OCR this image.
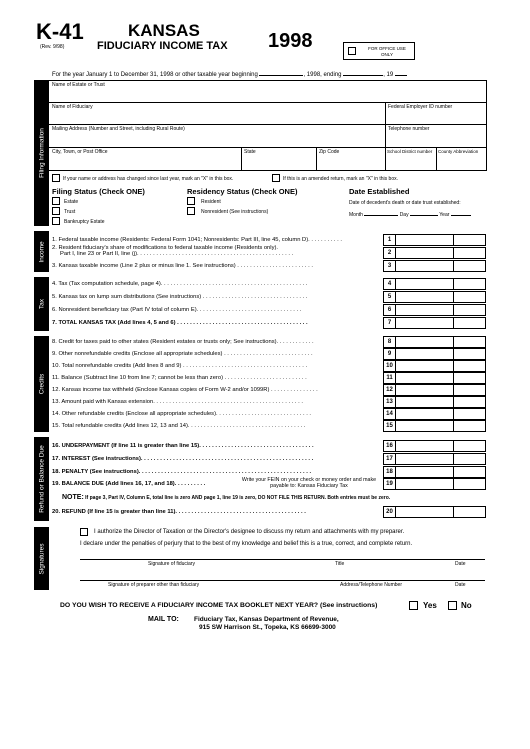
K-41
(Rev. 9/98)
KANSAS
FIDUCIARY INCOME TAX 1998	FOR OFFICE USE ONLY
For the year January 1 to December 31, 1998 or other taxable year beginning	, 1998, ending	, 19
Filing Information
Name of Estate or Trust
Name of Fiduciary	Federal Employer ID number
Mailing Address (Number and Street, including Rural Route)	Telephone number
City, Town, or Post Office	State	Zip Code	School District number County Abbreviation
If your name or address has changed since last year, mark an "X" in this box.	If this is an amended return, mark an "X" in this box.
Filing Status (Check ONE)
Estate
Trust
Bankruptcy Estate
Residency Status (Check ONE)
Resident
Nonresident (See instructions)
Date Established
Date of decedent's death or date trust established:
Month	Day	Year
Income
1. Federal taxable income (Residents: Federal Form 1041; Nonresidents: Part III, line 45, column D). . . . . . . . . . .	1
2. Resident fiduciary's share of modifications to federal taxable income (Residents only).
Part I, line 23 or Part II, line (j). . . . . . . . . . . . . . . . . . . . . . . . . . . . . . . . . . . . . . . . . . . . . . . . .	2
3. Kansas taxable income (Line 2 plus or minus line 1. See instructions) . . . . . . . . . . . . . . . . . . . . . . . .	3
Tax
4. Tax (Tax computation schedule, page 4). . . . . . . . . . . . . . . . . . . . . . . . . . . . . . . . . . . . . . . . . . . . . .	4
5. Kansas tax on lump sum distributions (See instructions) . . . . . . . . . . . . . . . . . . . . . . . . . . . . . . . . .	5
6. Nonresident beneficiary tax (Part IV total of column E). . . . . . . . . . . . . . . . . . . . . . . . . . . . . . . . .	6
7. TOTAL KANSAS TAX (Add lines 4, 5 and 6) . . . . . . . . . . . . . . . . . . . . . . . . . . . . . . . . . . . . . . . . .	7
Credits
8. Credit for taxes paid to other states (Resident estates or trusts only; See instructions). . . . . . . . . . . .	8
9. Other nonrefundable credits (Enclose all appropriate schedules) . . . . . . . . . . . . . . . . . . . . . . . . . . . .	9
10. Total nonrefundable credits (Add lines 8 and 9) . . . . . . . . . . . . . . . . . . . . . . . . . . . . . . . . . . . . . . .	10
11. Balance (Subtract line 10 from line 7; cannot be less than zero) . . . . . . . . . . . . . . . . . . . . . . . . . .	11
12. Kansas income tax withheld (Enclose Kansas copies of Form W-2 and/or 1099R) . . . . . . . . . . . . . . .	12
13. Amount paid with Kansas extension. . . . . . . . . . . . . . . . . . . . . . . . . . . . . . . . . . . . . . . . . . . . . . .	13
14. Other refundable credits (Enclose all appropriate schedules). . . . . . . . . . . . . . . . . . . . . . . . . . . . . .	14
15. Total refundable credits (Add lines 12, 13 and 14). . . . . . . . . . . . . . . . . . . . . . . . . . . . . . . . . . . . .	15
Refund or Balance Due 16. UNDERPAYMENT (If line 11 is greater than line 15). . . . . . . . . . . . . . . . . . . . . . . . . . . . . . . . . . . .	16
17. INTEREST (See instructions). . . . . . . . . . . . . . . . . . . . . . . . . . . . . . . . . . . . . . . . . . . . . . . . . . . . . .	17
18. PENALTY (See instructions). . . . . . . . . . . . . . . . . . . . . . . . . . . . . . . . . . . . . . . . . . . . . . . . . . . . . .	18
19. BALANCE DUE (Add lines 16, 17, and 18). . . . . . . . . .
Write your FEIN on your check or money order and make payable to: Kansas Fiduciary Tax	19
NOTE: If page 3, Part IV, Column E, total line is zero AND page 1, line 19 is zero, DO NOT FILE THIS RETURN. Both entries must be zero.
20. REFUND (If line 15 is greater than line 11). . . . . . . . . . . . . . . . . . . . . . . . . . . . . . . . . . . . . . . . .	20
Signatures
I authorize the Director of Taxation or the Director's designee to discuss my return and attachments with my preparer.
I declare under the penalties of perjury that to the best of my knowledge and belief this is a true, correct, and complete return.
Signature of fiduciary	Title	Date
Signature of preparer other than fiduciary	Address/Telephone Number	Date
DO YOU WISH TO RECEIVE A FIDUCIARY INCOME TAX BOOKLET NEXT YEAR? (See instructions)	Yes	No
MAIL TO: Fiduciary Tax, Kansas Department of Revenue,
915 SW Harrison St., Topeka, KS 66699-3000
